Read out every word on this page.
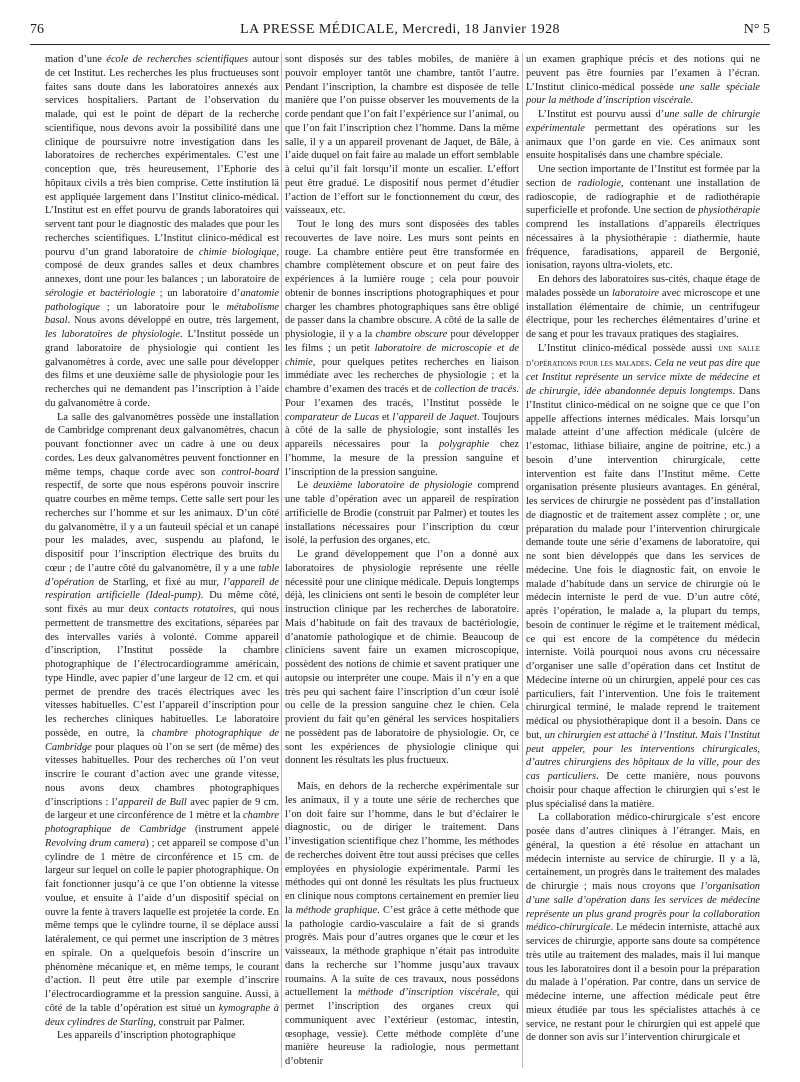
76	LA PRESSE MÉDICALE, Mercredi, 18 Janvier 1928	N° 5

mation d’une école de recherches scientifiques autour de cet Institut. Les recherches les plus fructueuses sont faites sans doute dans les laboratoires annexés aux services hospitaliers. Partant de l’observation du malade, qui est le point de départ de la recherche scientifique, nous devons avoir la possibilité dans une clinique de poursuivre notre investigation dans les laboratoires de recherches expérimentales. C’est une conception que, très heureusement, l’Ephorie des hôpitaux civils a très bien comprise. Cette institution lä est appliquée largement dans l’Institut clinico-médical. L’Institut est en effet pourvu de grands laboratoires qui servent tant pour le diagnostic des malades que pour les recherches scientifiques. L’Institut clinico-médical est pourvu d’un grand laboratoire de chimie biologique, composé de deux grandes salles et deux chambres annexes, dont une pour les balances ; un laboratoire de sérologie et bactériologie ; un laboratoire d’anatomie pathologique ; un laboratoire pour le métabolisme basal. Nous avons développé en outre, très largement, les laboratoires de physiologie. L’Institut possède un grand laboratoire de physiologie qui contient les galvanomètres à corde, avec une salle pour développer des films et une deuxième salle de physiologie pour les recherches qui ne demandent pas l’inscription à l’aide du galvanomètre à corde.

La salle des galvanomètres possède une installation de Cambridge comprenant deux galvanomètres, chacun pouvant fonctionner avec un cadre à une ou deux cordes. Les deux galvanomètres peuvent fonctionner en même temps, chaque corde avec son control-board respectif, de sorte que nous espérons pouvoir inscrire quatre courbes en même temps. Cette salle sert pour les recherches sur l’homme et sur les animaux. D’un côté du galvanomètre, il y a un fauteuil spécial et un canapé pour les malades, avec, suspendu au plafond, le dispositif pour l’inscription électrique des bruits du cœur ; de l’autre côté du galvanomètre, il y a une table d’opération de Starling, et fixé au mur, l’appareil de respiration artificielle (Ideal-pump). Du même côté, sont fixés au mur deux contacts rotatoires, qui nous permettent de transmettre des excitations, séparées par des intervalles variés à volonté. Comme appareil d’inscription, l’Institut possède la chambre photographique de l’électrocardiogramme américain, type Hindle, avec papier d’une largeur de 12 cm. et qui permet de prendre des tracés électriques avec les vitesses habituelles. C’est l’appareil d’inscription pour les recherches cliniques habituelles. Le laboratoire possède, en outre, la chambre photographique de Cambridge pour plaques où l’on se sert (de même) des vitesses habituelles. Pour des recherches où l’on veut inscrire le courant d’action avec une grande vitesse, nous avons deux chambres photographiques d’inscriptions : l’appareil de Bull avec papier de 9 cm. de largeur et une circonférence de 1 mètre et la chambre photographique de Cambridge (instrument appelé Revolving drum camera) ; cet appareil se compose d’un cylindre de 1 mètre de circonférence et 15 cm. de largeur sur lequel on colle le papier photographique. On fait fonctionner jusqu’à ce que l’on obtienne la vitesse voulue, et ensuite à l’aide d’un dispositif spécial on ouvre la fente à travers laquelle est projetée la corde. En même temps que le cylindre tourne, il se déplace aussi latéralement, ce qui permet une inscription de 3 mètres en spirale. On a quelquefois besoin d’inscrire un phénomène mécanique et, en même temps, le courant d’action. Il peut être utile par exemple d’inscrire l’électrocardiogramme et la pression sanguine. Aussi, à côté de la table d’opération est situé un kymographe à deux cylindres de Starling, construit par Palmer.

Les appareils d’inscription photographique

sont disposés sur des tables mobiles, de manière à pouvoir employer tantôt une chambre, tantôt l’autre. Pendant l’inscription, la chambre est disposée de telle manière que l’on puisse observer les mouvements de la corde pendant que l’on fait l’expérience sur l’animal, ou que l’on fait l’inscription chez l’homme. Dans la même salle, il y a un appareil provenant de Jaquet, de Bâle, à l’aide duquel on fait faire au malade un effort semblable à celui qu’il fait lorsqu’il monte un escalier. L’effort peut être gradué. Le dispositif nous permet d’étudier l’action de l’effort sur le fonctionnement du cœur, des vaisseaux, etc.

Tout le long des murs sont disposées des tables recouvertes de lave noire. Les murs sont peints en rouge. La chambre entière peut être transformée en chambre complètement obscure et on peut faire des expériences à la lumière rouge ; cela pour pouvoir obtenir de bonnes inscriptions photographiques et pour charger les chambres photographiques sans être obligé de passer dans la chambre obscure. A côté de la salle de physiologie, il y a la chambre obscure pour développer les films ; un petit laboratoire de microscopie et de chimie, pour quelques petites recherches en liaison immédiate avec les recherches de physiologie ; et la chambre d’examen des tracés et de collection de tracés. Pour l’examen des tracés, l’Institut possède le comparateur de Lucas et l’appareil de Jaquet. Toujours à côté de la salle de physiologie, sont installés les appareils nécessaires pour la polygraphie chez l’homme, la mesure de la pression sanguine et l’inscription de la pression sanguine.

Le deuxième laboratoire de physiologie comprend une table d’opération avec un appareil de respiration artificielle de Brodie (construit par Palmer) et toutes les installations nécessaires pour l’inscription du cœur isolé, la perfusion des organes, etc.

Le grand développement que l’on a donné aux laboratoires de physiologie représente une réelle nécessité pour une clinique médicale. Depuis longtemps déjà, les cliniciens ont senti le besoin de compléter leur instruction clinique par les recherches de laboratoire. Mais d’habitude on fait des travaux de bactériologie, d’anatomie pathologique et de chimie. Beaucoup de cliniciens savent faire un examen microscopique, possèdent des notions de chimie et savent pratiquer une autopsie ou interpréter une coupe. Mais il n’y en a que très peu qui sachent faire l’inscription d’un cœur isolé ou celle de la pression sanguine chez le chien. Cela provient du fait qu’en général les services hospitaliers ne possèdent pas de laboratoire de physiologie. Or, ce sont les expériences de physiologie clinique qui donnent les résultats les plus fructueux.

Mais, en dehors de la recherche expérimentale sur les animaux, il y a toute une série de recherches que l’on doit faire sur l’homme, dans le but d’éclairer le diagnostic, ou de diriger le traitement. Dans l’investigation scientifique chez l’homme, les méthodes de recherches doivent être tout aussi précises que celles employées en physiologie expérimentale. Parmi les méthodes qui ont donné les résultats les plus fructueux en clinique nous comptons certainement en premier lieu la méthode graphique. C’est grâce à cette méthode que la pathologie cardio-vasculaire a fait de si grands progrès. Mais pour d’autres organes que le cœur et les vaisseaux, la méthode graphique n’était pas introduite dans la recherche sur l’homme jusqu’aux travaux roumains. A la suite de ces travaux, nous possédons actuellement la méthode d’inscription viscérale, qui permet l’inscription des organes creux qui communiquent avec l’extérieur (estomac, intestin, œsophage, vessie). Cette méthode complète d’une manière heureuse la radiologie, nous permettant d’obtenir

un examen graphique précis et des notions qui ne peuvent pas être fournies par l’examen à l’écran. L’Institut clinico-médical possède une salle spéciale pour la méthode d’inscription viscérale.

L’Institut est pourvu aussi d’une salle de chirurgie expérimentale permettant des opérations sur les animaux que l’on garde en vie. Ces animaux sont ensuite hospitalisés dans une chambre spéciale.

Une section importante de l’Institut est formée par la section de radiologie, contenant une installation de radioscopie, de radiographie et de radiothérapie superficielle et profonde. Une section de physiothérapie comprend les installations d’appareils électriques nécessaires à la physiothérapie : diathermie, haute fréquence, faradisations, appareil de Bergonié, ionisation, rayons ultra-violets, etc.

En dehors des laboratoires sus-cités, chaque étage de malades possède un laboratoire avec microscope et une installation élémentaire de chimie, un centrifugeur électrique, pour les recherches élémentaires d’urine et de sang et pour les travaux pratiques des stagiaires.

L’Institut clinico-médical possède aussi une salle d’opérations pour les malades. Cela ne veut pas dire que cet Institut représente un service mixte de médecine et de chirurgie, idée abandonnée depuis longtemps. Dans l’Institut clinico-médical on ne soigne que ce que l’on appelle affections internes médicales. Mais lorsqu’un malade atteint d’une affection médicale (ulcère de l’estomac, lithiase biliaire, angine de poitrine, etc.) a besoin d’une intervention chirurgicale, cette intervention est faite dans l’Institut même. Cette organisation présente plusieurs avantages. En général, les services de chirurgie ne possèdent pas d’installation de diagnostic et de traitement assez complète ; or, une préparation du malade pour l’intervention chirurgicale demande toute une série d’examens de laboratoire, qui ne sont bien développés que dans les services de médecine. Une fois le diagnostic fait, on envoie le malade d’habitude dans un service de chirurgie où le médecin interniste le perd de vue. D’un autre côté, après l’opération, le malade a, la plupart du temps, besoin de continuer le régime et le traitement médical, ce qui est encore de la compétence du médecin interniste. Voilà pourquoi nous avons cru nécessaire d’organiser une salle d’opération dans cet Institut de Médecine interne où un chirurgien, appelé pour ces cas particuliers, fait l’intervention. Une fois le traitement chirurgical terminé, le malade reprend le traitement médical ou physiothérapique dont il a besoin. Dans ce but, un chirurgien est attaché à l’Institut. Mais l’Institut peut appeler, pour les interventions chirurgicales, d’autres chirurgiens des hôpitaux de la ville, pour des cas particuliers. De cette manière, nous pouvons choisir pour chaque affection le chirurgien qui s’est le plus spécialisé dans la matière.

La collaboration médico-chirurgicale s’est encore posée dans d’autres cliniques à l’étranger. Mais, en général, la question a été résolue en attachant un médecin interniste au service de chirurgie. Il y a là, certainement, un progrès dans le traitement des malades de chirurgie ; mais nous croyons que l’organisation d’une salle d’opération dans les services de médecine représente un plus grand progrès pour la collaboration médico-chirurgicale. Le médecin interniste, attaché aux services de chirurgie, apporte sans doute sa compétence très utile au traitement des malades, mais il lui manque tous les laboratoires dont il a besoin pour la préparation du malade à l’opération. Par contre, dans un service de médecine interne, une affection médicale peut être mieux étudiée par tous les spécialistes attachés à ce service, ne restant pour le chirurgien qui est appelé que de donner son avis sur l’intervention chirurgicale et
